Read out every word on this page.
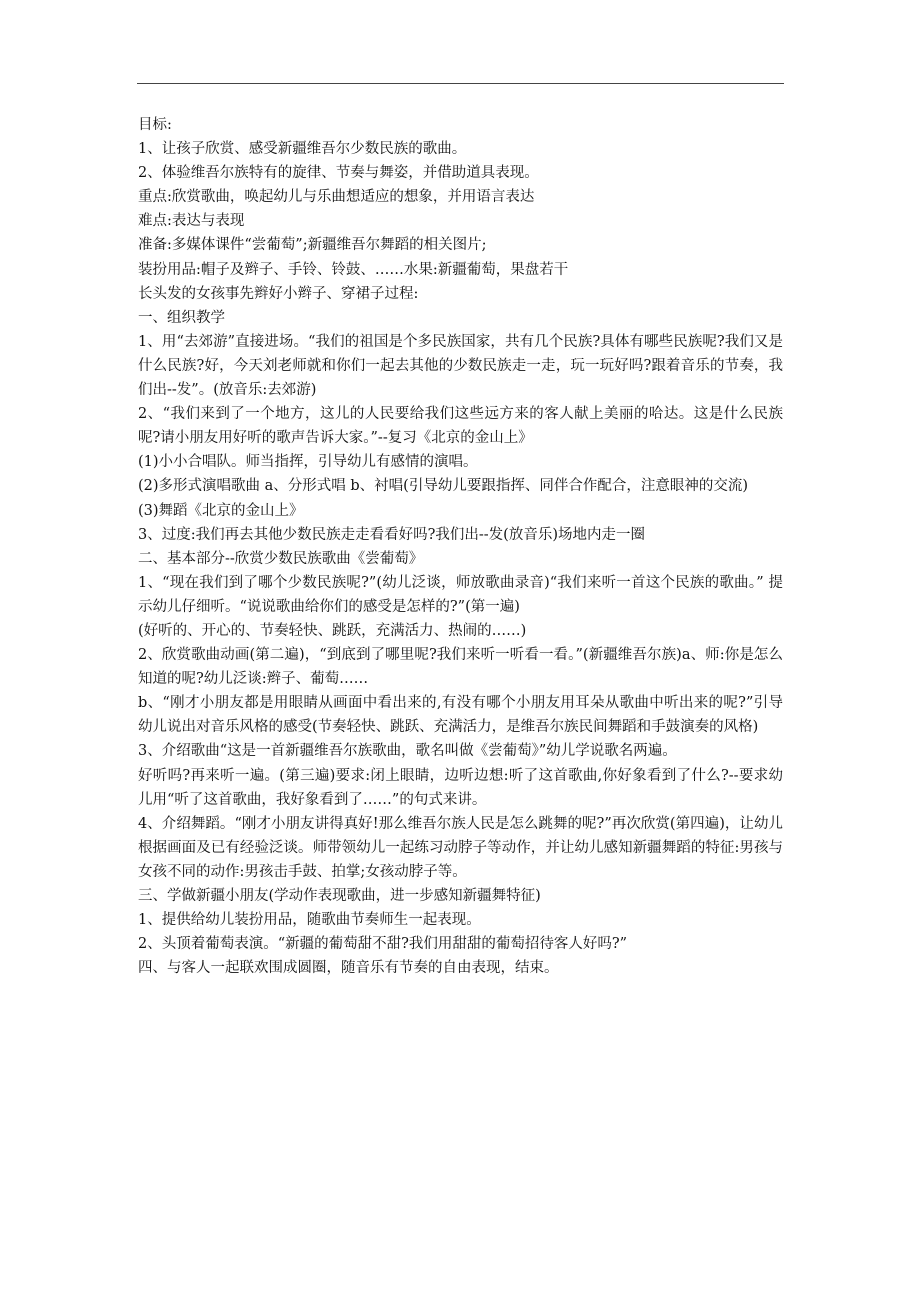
目标:

1、让孩子欣赏、感受新疆维吾尔少数民族的歌曲。

2、体验维吾尔族特有的旋律、节奏与舞姿，并借助道具表现。

重点:欣赏歌曲，唤起幼儿与乐曲想适应的想象，并用语言表达

难点:表达与表现

准备:多媒体课件“尝葡萄”;新疆维吾尔舞蹈的相关图片;

装扮用品:帽子及辫子、手铃、铃鼓、……水果:新疆葡萄，果盘若干

长头发的女孩事先辫好小辫子、穿裙子过程:

一、组织教学

1、用“去郊游”直接进场。“我们的祖国是个多民族国家，共有几个民族?具体有哪些民族呢?我们又是什么民族?好，今天刘老师就和你们一起去其他的少数民族走一走，玩一玩好吗?跟着音乐的节奏，我们出--发”。(放音乐:去郊游)

2、“我们来到了一个地方，这儿的人民要给我们这些远方来的客人献上美丽的哈达。这是什么民族呢?请小朋友用好听的歌声告诉大家。”--复习《北京的金山上》

(1)小小合唱队。师当指挥，引导幼儿有感情的演唱。

(2)多形式演唱歌曲 a、分形式唱 b、衬唱(引导幼儿要跟指挥、同伴合作配合，注意眼神的交流)

(3)舞蹈《北京的金山上》

3、过度:我们再去其他少数民族走走看看好吗?我们出--发(放音乐)场地内走一圈

二、基本部分--欣赏少数民族歌曲《尝葡萄》

1、“现在我们到了哪个少数民族呢?”(幼儿泛谈，师放歌曲录音)“我们来听一首这个民族的歌曲。” 提示幼儿仔细听。“说说歌曲给你们的感受是怎样的?”(第一遍)

(好听的、开心的、节奏轻快、跳跃，充满活力、热闹的……)

2、欣赏歌曲动画(第二遍)，“到底到了哪里呢?我们来听一听看一看。”(新疆维吾尔族)a、师:你是怎么知道的呢?幼儿泛谈:辫子、葡萄……

b、“刚才小朋友都是用眼睛从画面中看出来的,有没有哪个小朋友用耳朵从歌曲中听出来的呢?”引导幼儿说出对音乐风格的感受(节奏轻快、跳跃、充满活力，是维吾尔族民间舞蹈和手鼓演奏的风格)

3、介绍歌曲“这是一首新疆维吾尔族歌曲，歌名叫做《尝葡萄》”幼儿学说歌名两遍。

好听吗?再来听一遍。(第三遍)要求:闭上眼睛，边听边想:听了这首歌曲,你好象看到了什么?--要求幼儿用“听了这首歌曲，我好象看到了……”的句式来讲。

4、介绍舞蹈。“刚才小朋友讲得真好!那么维吾尔族人民是怎么跳舞的呢?”再次欣赏(第四遍)，让幼儿根据画面及已有经验泛谈。师带领幼儿一起练习动脖子等动作，并让幼儿感知新疆舞蹈的特征:男孩与女孩不同的动作:男孩击手鼓、拍掌;女孩动脖子等。

三、学做新疆小朋友(学动作表现歌曲，进一步感知新疆舞特征)

1、提供给幼儿装扮用品，随歌曲节奏师生一起表现。

2、头顶着葡萄表演。“新疆的葡萄甜不甜?我们用甜甜的葡萄招待客人好吗?”

四、与客人一起联欢围成圆圈，随音乐有节奏的自由表现，结束。
